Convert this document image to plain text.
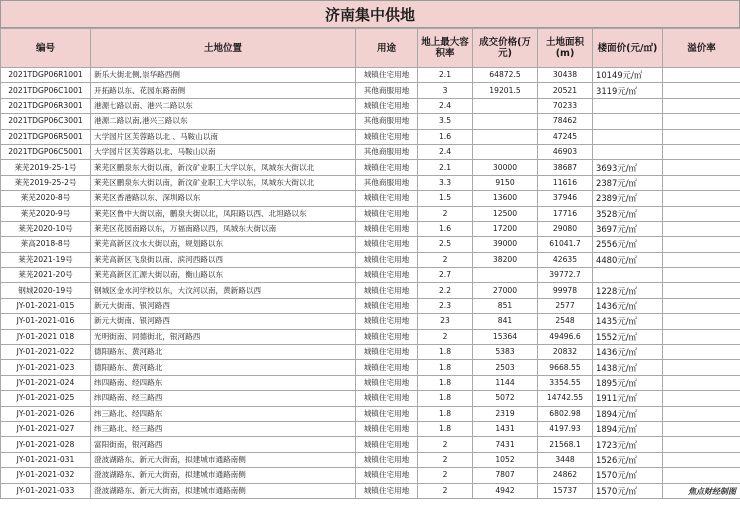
济南集中供地
编号	土地位置	用途	地上最大容积率	成交价格(万元)	土地面积(m)	楼面价(元/㎡)	溢价率
2021TDGP06R1001	新乐大街北侧,崇华路西侧	城镇住宅用地	2.1	64872.5	30438	10149元/㎡	
2021TDGP06C1001	开拓路以东、花园东路南侧	其他商服用地	3	19201.5	20521	3119元/㎡	
2021TDGP06R3001	港源七路以南、港兴二路以东	城镇住宅用地	2.4		70233		
2021TDGP06C3001	港源二路以南,港兴三路以东	其他商服用地	3.5		78462		
2021TDGP06R5001	大学园片区芙蓉路以北 、马鞍山以南	城镇住宅用地	1.6		47245		
2021TDGP06C5001	大学园片区芙蓉路以北、马鞍山以南	其他商服用地	2.4		46903		
莱芜2019-25-1号	莱芜区鹏泉东大街以南，新汶矿业职工大学以东，凤城东大街以北	城镇住宅用地	2.1	30000	38687	3693元/㎡	
莱芜2019-25-2号	莱芜区鹏泉东大街以南，新汶矿业职工大学以东，凤城东大街以北	其他商服用地	3.3	9150	11616	2387元/㎡	
莱芜2020-8号	莱芜区香港路以东、深圳路以东	城镇住宅用地	1.5	13600	37946	2389元/㎡	
莱芜2020-9号	莱芜区鲁中大街以南，鹏泉大街以北，凤阳路以西、北坦路以东	城镇住宅用地	2	12500	17716	3528元/㎡	
莱芜2020-10号	莱芜区花园南路以东，万福南路以西，凤城东大街以南	城镇住宅用地	1.6	17200	29080	3697元/㎡	
莱高2018-8号	莱芜高新区汶水大街以南，规划路以东	城镇住宅用地	2.5	39000	61041.7	2556元/㎡	
莱芜2021-19号	莱芜高新区飞泉街以南、滨河西路以西	城镇住宅用地	2	38200	42635	4480元/㎡	
莱芜2021-20号	莱芜高新区汇源大街以南，衡山路以东	城镇住宅用地	2.7		39772.7		
钢城2020-19号	钢城区金水河学校以东，大汶河以南，黄新路以西	城镇住宅用地	2.2	27000	99978	1228元/㎡	
JY-01-2021-015	新元大街南、银河路西	城镇住宅用地	2.3	851	2577	1436元/㎡	
JY-01-2021-016	新元大街南、银河路西	城镇住宅用地	23	841	2548	1435元/㎡	
JY-01-2021 018	光明街南、同德街北，银河路西	城镇住宅用地	2	15364	49496.6	1552元/㎡	
JY-01-2021-022	德阳路东、黄河路北	城镇住宅用地	1.8	5383	20832	1436元/㎡	
JY-01-2021-023	德阳路东、黄河路北	城镇住宅用地	1.8	2503	9668.55	1438元/㎡	
JY-01-2021-024	纬四路南、经四路东	城镇住宅用地	1.8	1144	3354.55	1895元/㎡	
JY-01-2021-025	纬四路南、经三路西	城镇住宅用地	1.8	5072	14742.55	1911元/㎡	
JY-01-2021-026	纬三路北、经四路东	城镇住宅用地	1.8	2319	6802.98	1894元/㎡	
JY-01-2021-027	纬三路北、经三路西	城镇住宅用地	1.8	1431	4197.93	1894元/㎡	
JY-01-2021-028	富阳街南，银河路西	城镇住宅用地	2	7431	21568.1	1723元/㎡	
JY-01-2021-031	澄波湖路东、新元大街南，拟建城市通路南侧	城镇住宅用地	2	1052	3448	1526元/㎡	
JY-01-2021-032	澄波湖路东、新元大街南，拟建城市通路南侧	城镇住宅用地	2	7807	24862	1570元/㎡	
JY-01-2021-033	澄波湖路东、新元大街南，拟建城市通路南侧	城镇住宅用地	2	4942	15737	1570元/㎡		焦点财经制图
